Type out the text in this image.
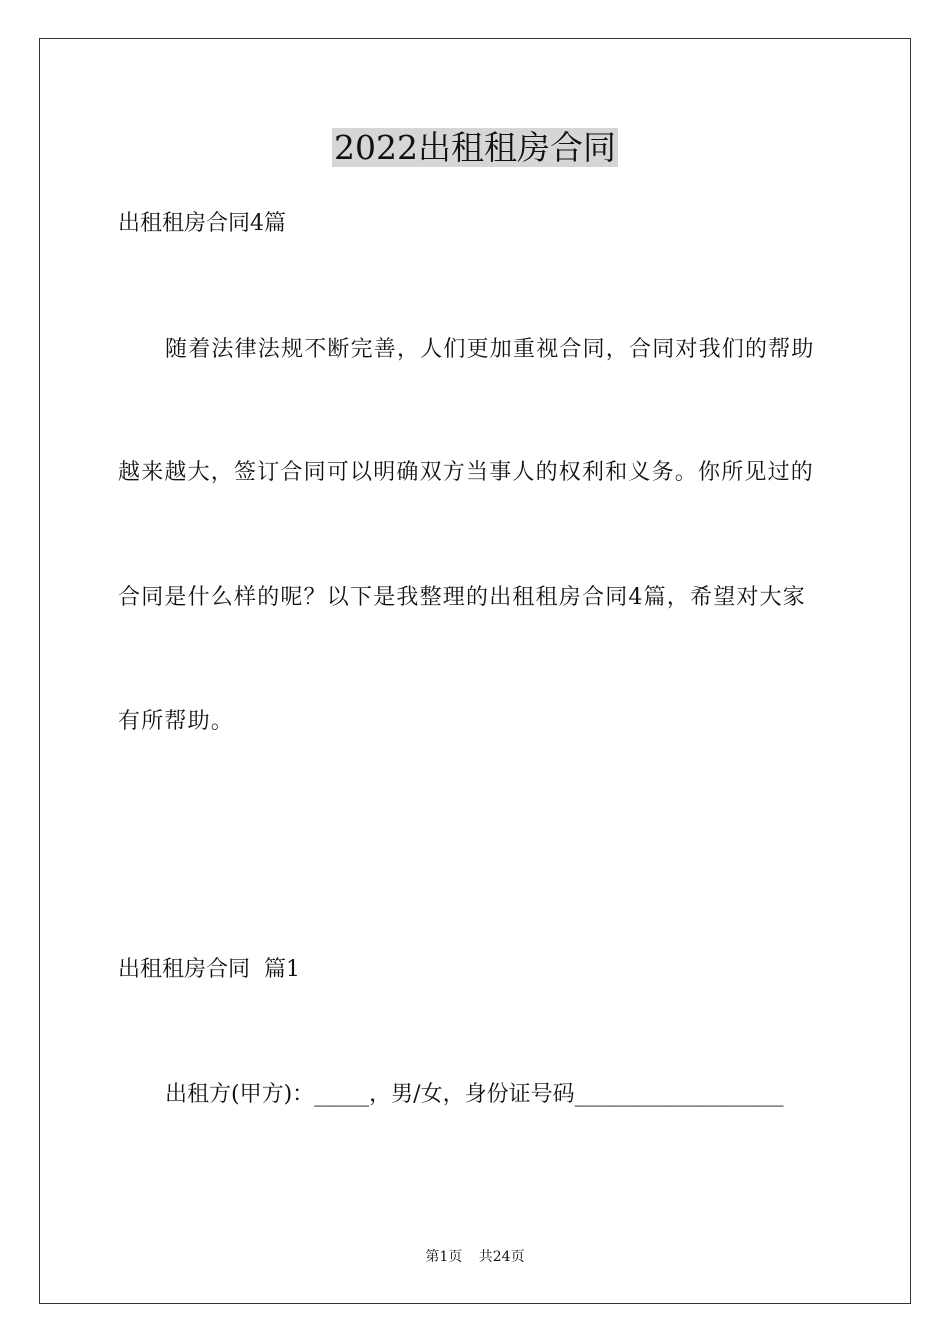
2022出租租房合同
出租租房合同4篇
随着法律法规不断完善，人们更加重视合同，合同对我们的帮助
越来越大，签订合同可以明确双方当事人的权利和义务。你所见过的
合同是什么样的呢？以下是我整理的出租租房合同4篇，希望对大家
有所帮助。
出租租房合同  篇1
出租方(甲方)：_____，男/女，身份证号码___________________
第1页 共24页
